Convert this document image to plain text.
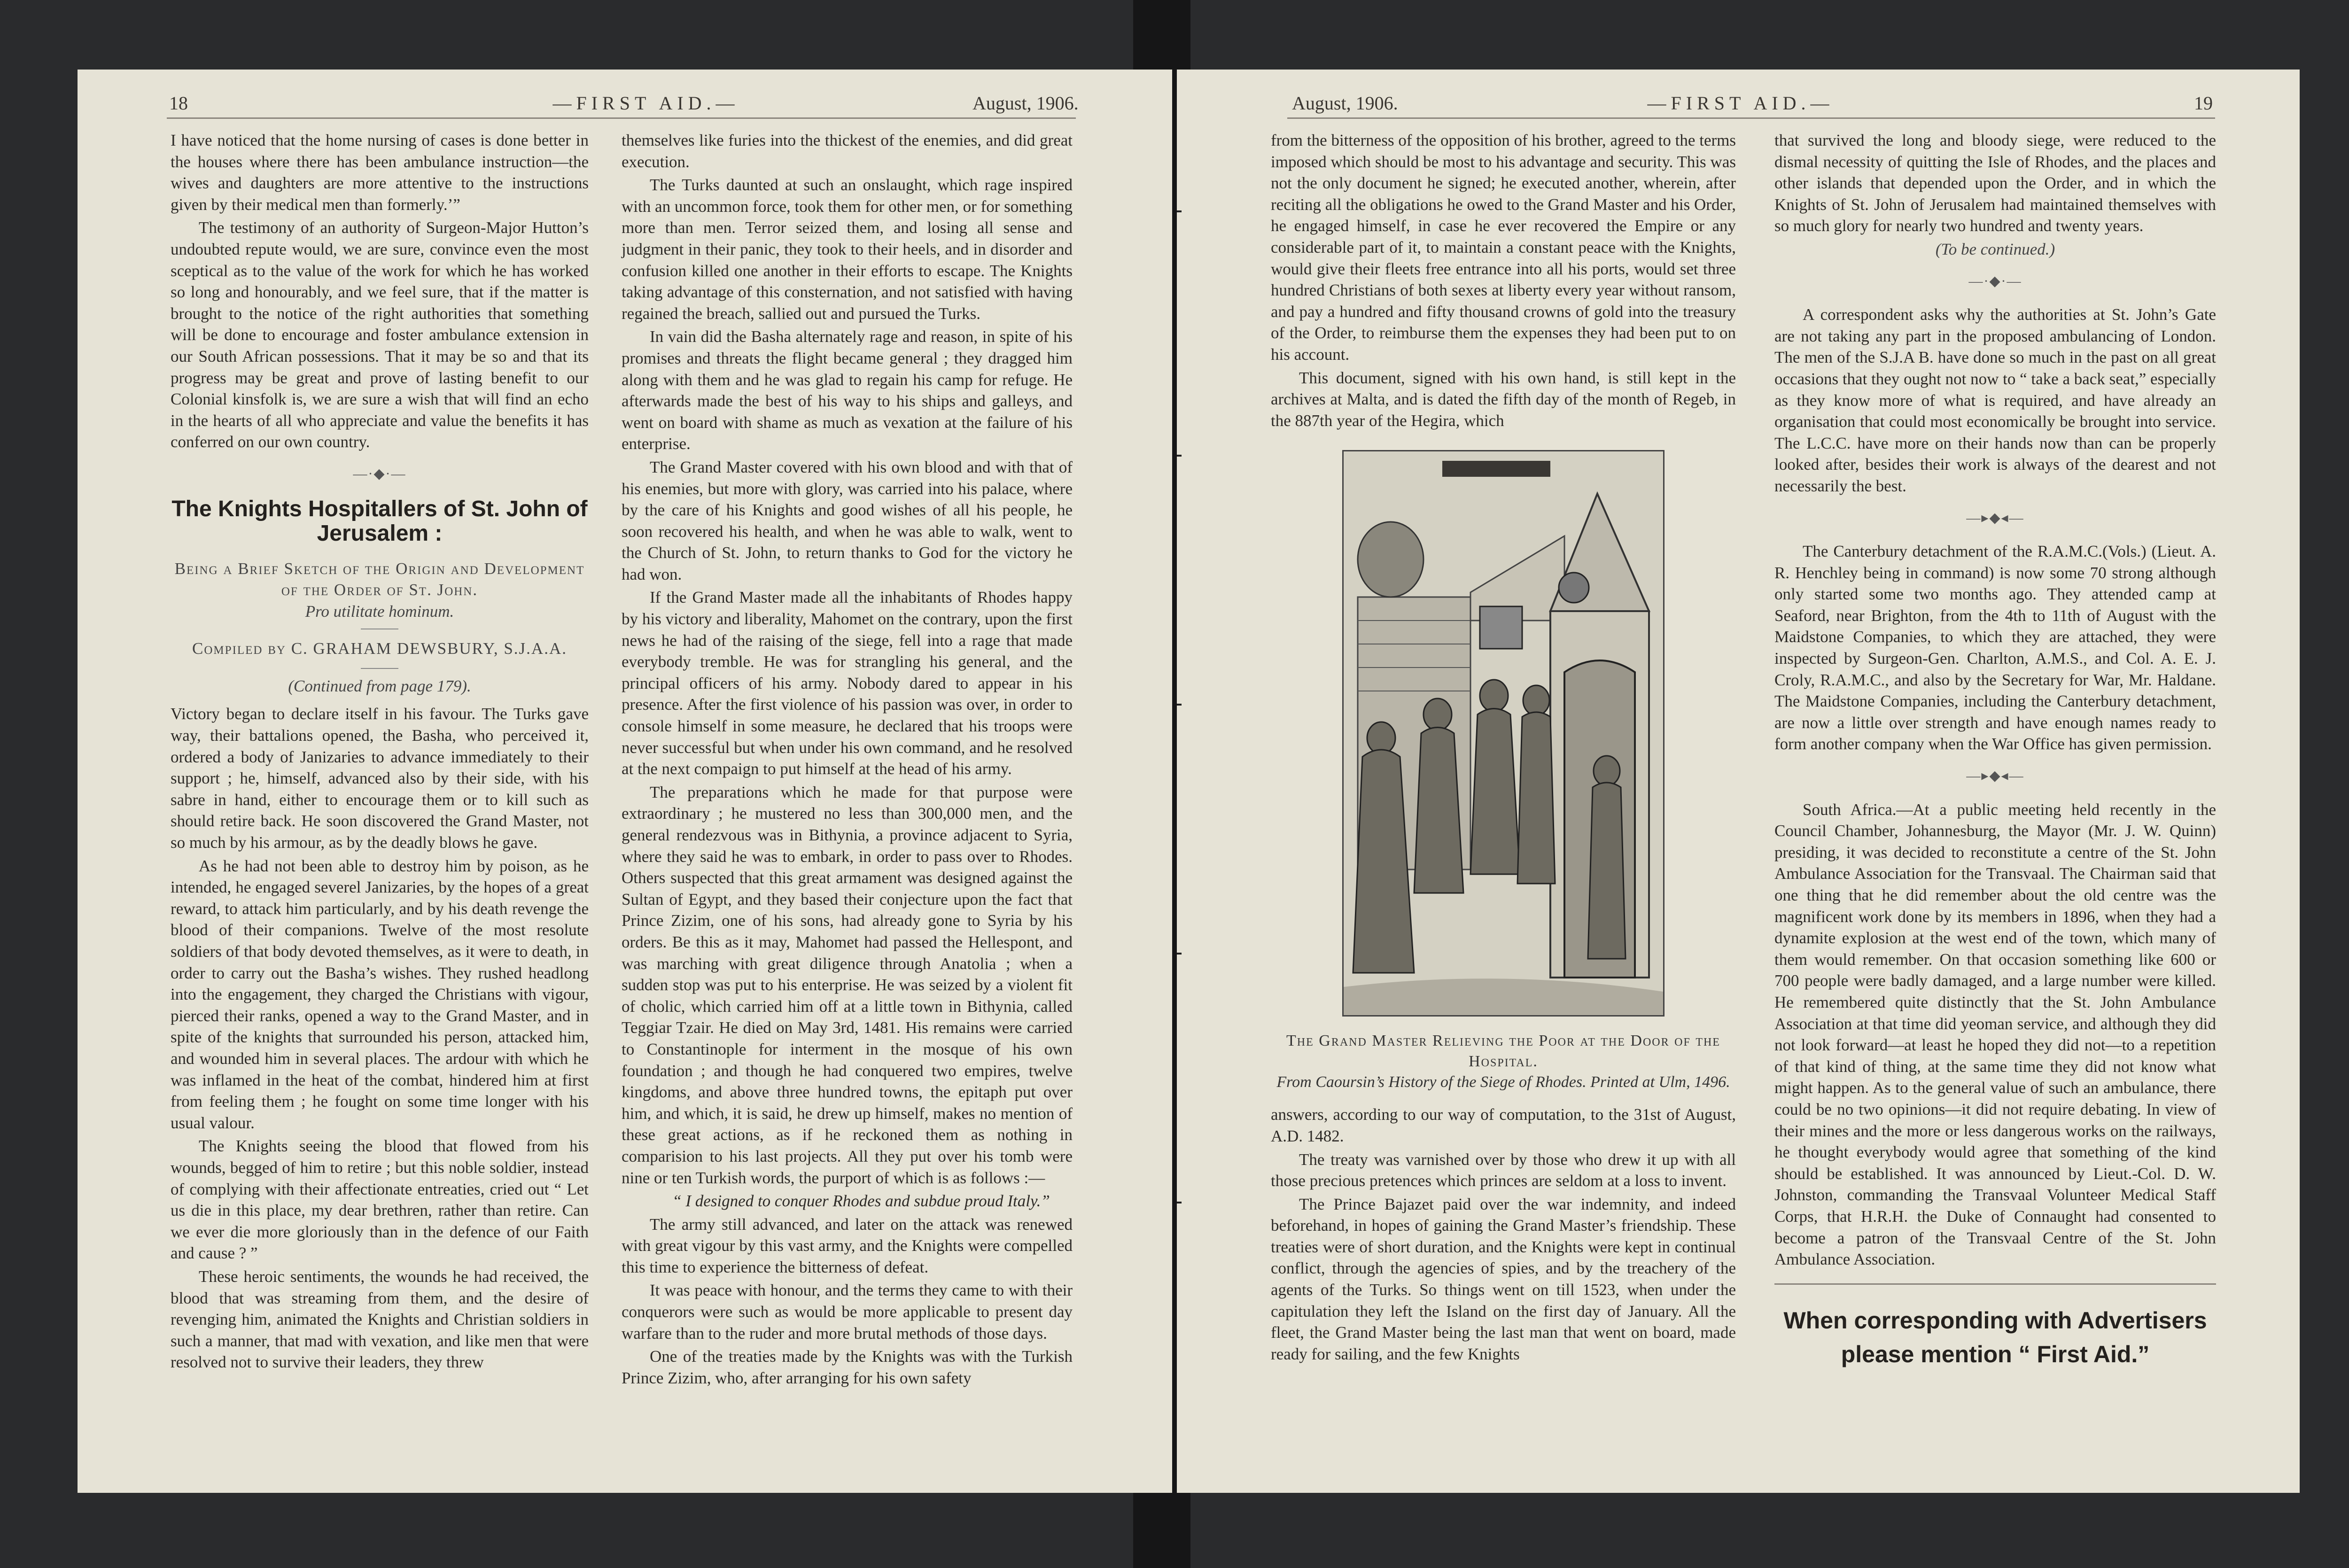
18	—FIRST AID.—	August, 1906.

I have noticed that the home nursing of cases is done better in the houses where there has been ambulance instruction—the wives and daughters are more attentive to the instructions given by their medical men than formerly.’”

The testimony of an authority of Surgeon-Major Hutton’s undoubted repute would, we are sure, convince even the most sceptical as to the value of the work for which he has worked so long and honourably, and we feel sure, that if the matter is brought to the notice of the right authorities that something will be done to encourage and foster ambulance extension in our South African possessions. That it may be so and that its progress may be great and prove of lasting benefit to our Colonial kinsfolk is, we are sure a wish that will find an echo in the hearts of all who appreciate and value the benefits it has conferred on our own country.

—·◆·—
The Knights Hospitallers of St. John of Jerusalem :
Being a Brief Sketch of the Origin and Development of the Order of St. John.
Pro utilitate hominum.
Compiled by C. GRAHAM DEWSBURY, S.J.A.A.
(Continued from page 179).

Victory began to declare itself in his favour. The Turks gave way, their battalions opened, the Basha, who perceived it, ordered a body of Janizaries to advance immediately to their support ; he, himself, advanced also by their side, with his sabre in hand, either to encourage them or to kill such as should retire back. He soon discovered the Grand Master, not so much by his armour, as by the deadly blows he gave.

As he had not been able to destroy him by poison, as he intended, he engaged severel Janizaries, by the hopes of a great reward, to attack him particularly, and by his death revenge the blood of their companions. Twelve of the most resolute soldiers of that body devoted themselves, as it were to death, in order to carry out the Basha’s wishes. They rushed headlong into the engagement, they charged the Christians with vigour, pierced their ranks, opened a way to the Grand Master, and in spite of the knights that surrounded his person, attacked him, and wounded him in several places. The ardour with which he was inflamed in the heat of the combat, hindered him at first from feeling them ; he fought on some time longer with his usual valour.

The Knights seeing the blood that flowed from his wounds, begged of him to retire ; but this noble soldier, instead of complying with their affectionate entreaties, cried out “ Let us die in this place, my dear brethren, rather than retire. Can we ever die more gloriously than in the defence of our Faith and cause ? ”

These heroic sentiments, the wounds he had received, the blood that was streaming from them, and the desire of revenging him, animated the Knights and Christian soldiers in such a manner, that mad with vexation, and like men that were resolved not to survive their leaders, they threw

themselves like furies into the thickest of the enemies, and did great execution.

The Turks daunted at such an onslaught, which rage inspired with an uncommon force, took them for other men, or for something more than men. Terror seized them, and losing all sense and judgment in their panic, they took to their heels, and in disorder and confusion killed one another in their efforts to escape. The Knights taking advantage of this consternation, and not satisfied with having regained the breach, sallied out and pursued the Turks.

In vain did the Basha alternately rage and reason, in spite of his promises and threats the flight became general ; they dragged him along with them and he was glad to regain his camp for refuge. He afterwards made the best of his way to his ships and galleys, and went on board with shame as much as vexation at the failure of his enterprise.

The Grand Master covered with his own blood and with that of his enemies, but more with glory, was carried into his palace, where by the care of his Knights and good wishes of all his people, he soon recovered his health, and when he was able to walk, went to the Church of St. John, to return thanks to God for the victory he had won.

If the Grand Master made all the inhabitants of Rhodes happy by his victory and liberality, Mahomet on the contrary, upon the first news he had of the raising of the siege, fell into a rage that made everybody tremble. He was for strangling his general, and the principal officers of his army. Nobody dared to appear in his presence. After the first violence of his passion was over, in order to console himself in some measure, he declared that his troops were never successful but when under his own command, and he resolved at the next compaign to put himself at the head of his army.

The preparations which he made for that purpose were extraordinary ; he mustered no less than 300,000 men, and the general rendezvous was in Bithynia, a province adjacent to Syria, where they said he was to embark, in order to pass over to Rhodes. Others suspected that this great armament was designed against the Sultan of Egypt, and they based their conjecture upon the fact that Prince Zizim, one of his sons, had already gone to Syria by his orders. Be this as it may, Mahomet had passed the Hellespont, and was marching with great diligence through Anatolia ; when a sudden stop was put to his enterprise. He was seized by a violent fit of cholic, which carried him off at a little town in Bithynia, called Teggiar Tzair. He died on May 3rd, 1481. His remains were carried to Constantinople for interment in the mosque of his own foundation ; and though he had conquered two empires, twelve kingdoms, and above three hundred towns, the epitaph put over him, and which, it is said, he drew up himself, makes no mention of these great actions, as if he reckoned them as nothing in comparision to his last projects. All they put over his tomb were nine or ten Turkish words, the purport of which is as follows :—

“ I designed to conquer Rhodes and subdue proud Italy.”

The army still advanced, and later on the attack was renewed with great vigour by this vast army, and the Knights were compelled this time to experience the bitterness of defeat.

It was peace with honour, and the terms they came to with their conquerors were such as would be more applicable to present day warfare than to the ruder and more brutal methods of those days.

One of the treaties made by the Knights was with the Turkish Prince Zizim, who, after arranging for his own safety

August, 1906.	—FIRST AID.—	19

from the bitterness of the opposition of his brother, agreed to the terms imposed which should be most to his advantage and security. This was not the only document he signed; he executed another, wherein, after reciting all the obligations he owed to the Grand Master and his Order, he engaged himself, in case he ever recovered the Empire or any considerable part of it, to maintain a constant peace with the Knights, would give their fleets free entrance into all his ports, would set three hundred Christians of both sexes at liberty every year without ransom, and pay a hundred and fifty thousand crowns of gold into the treasury of the Order, to reimburse them the expenses they had been put to on his account.

This document, signed with his own hand, is still kept in the archives at Malta, and is dated the fifth day of the month of Regeb, in the 887th year of the Hegira, which

The Grand Master Relieving the Poor at the Door of the Hospital.
From Caoursin’s History of the Siege of Rhodes. Printed at Ulm, 1496.

answers, according to our way of computation, to the 31st of August, A.D. 1482.

The treaty was varnished over by those who drew it up with all those precious pretences which princes are seldom at a loss to invent.

The Prince Bajazet paid over the war indemnity, and indeed beforehand, in hopes of gaining the Grand Master’s friendship. These treaties were of short duration, and the Knights were kept in continual conflict, through the agencies of spies, and by the treachery of the agents of the Turks. So things went on till 1523, when under the capitulation they left the Island on the first day of January. All the fleet, the Grand Master being the last man that went on board, made ready for sailing, and the few Knights

that survived the long and bloody siege, were reduced to the dismal necessity of quitting the Isle of Rhodes, and the places and other islands that depended upon the Order, and in which the Knights of St. John of Jerusalem had maintained themselves with so much glory for nearly two hundred and twenty years.

(To be continued.)
—·◆·—

A correspondent asks why the authorities at St. John’s Gate are not taking any part in the proposed ambulancing of London. The men of the S.J.A B. have done so much in the past on all great occasions that they ought not now to “ take a back seat,” especially as they know more of what is required, and have already an organisation that could most economically be brought into service. The L.C.C. have more on their hands now than can be properly looked after, besides their work is always of the dearest and not necessarily the best.

—▸◆◂—

The Canterbury detachment of the R.A.M.C.(Vols.) (Lieut. A. R. Henchley being in command) is now some 70 strong although only started some two months ago. They attended camp at Seaford, near Brighton, from the 4th to 11th of August with the Maidstone Companies, to which they are attached, they were inspected by Surgeon-Gen. Charlton, A.M.S., and Col. A. E. J. Croly, R.A.M.C., and also by the Secretary for War, Mr. Haldane. The Maidstone Companies, including the Canterbury detachment, are now a little over strength and have enough names ready to form another company when the War Office has given permission.

—▸◆◂—

South Africa.—At a public meeting held recently in the Council Chamber, Johannesburg, the Mayor (Mr. J. W. Quinn) presiding, it was decided to reconstitute a centre of the St. John Ambulance Association for the Transvaal. The Chairman said that one thing that he did remember about the old centre was the magnificent work done by its members in 1896, when they had a dynamite explosion at the west end of the town, which many of them would remember. On that occasion something like 600 or 700 people were badly damaged, and a large number were killed. He remembered quite distinctly that the St. John Ambulance Association at that time did yeoman service, and although they did not look forward—at least he hoped they did not—to a repetition of that kind of thing, at the same time they did not know what might happen. As to the general value of such an ambulance, there could be no two opinions—it did not require debating. In view of their mines and the more or less dangerous works on the railways, he thought everybody would agree that something of the kind should be established. It was announced by Lieut.-Col. D. W. Johnston, commanding the Transvaal Volunteer Medical Staff Corps, that H.R.H. the Duke of Connaught had consented to become a patron of the Transvaal Centre of the St. John Ambulance Association.

When corresponding with Advertisers please mention “ First Aid.”
